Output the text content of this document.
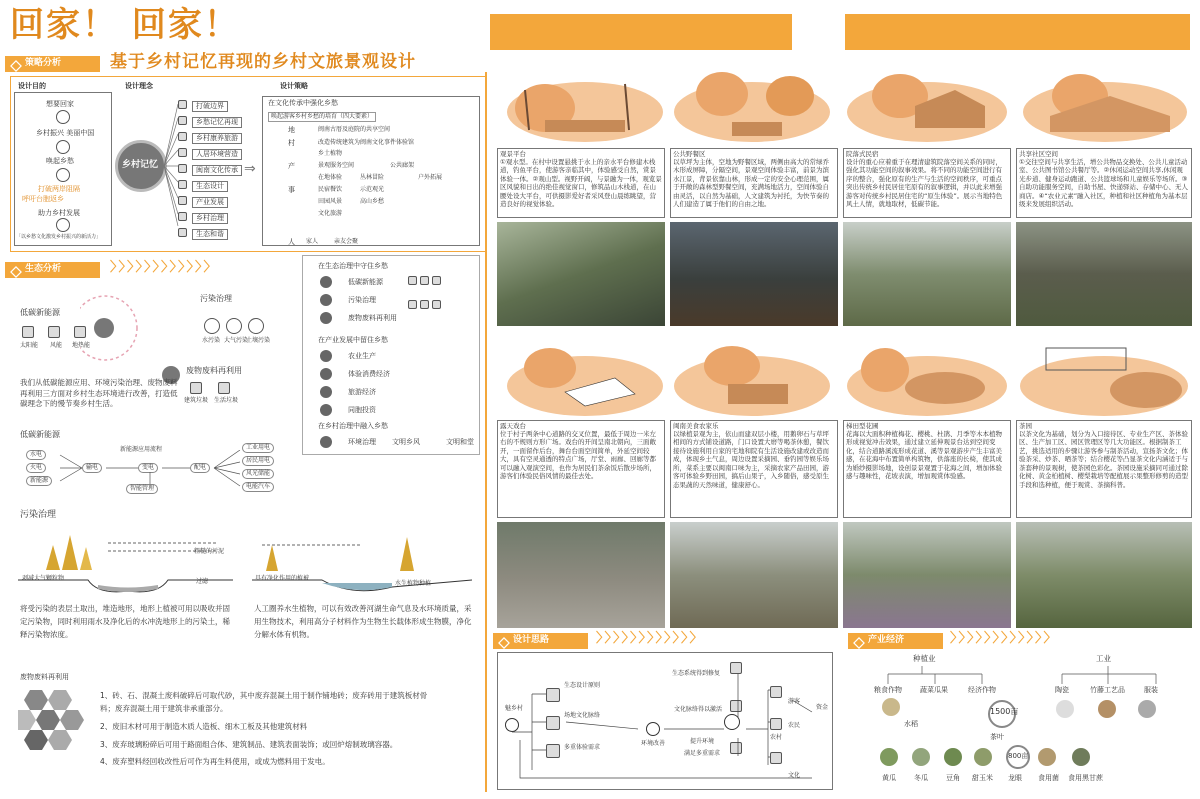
回家！ 回家！
基于乡村记忆再现的乡村文旅景观设计
策略分析
设计目的	设计理念	设计策略
想要回家
乡村振兴 美丽中国
唤起乡愁
打破两岸阻隔
呼吁台胞返乡
助力乡村发展
「以乡愁文化激发乡村振兴的新活力」
乡村记忆
打破边界
乡愁记忆再现
乡村康养旅游
人居环境营造
闽南文化传承
生态设计
产业发展
乡村治理
生态和谐
⇒
在文化传承中强化乡愁
唤起游客乡村乡愁的培育（四大要素）
地
村
产
事
人
闽南古厝及庭院的共享空间
改造传统建筑为闽南文化事件体验馆
乡土植物
景观服务空间	公共廊架
在地体验	丛林冒险	户外拓展
民宿餐饮	示范观光
田园风景	高山乡愁
文化旅游
家人	亲友会聚
生态分析	〉〉〉〉〉〉〉〉〉〉〉〉
低碳新能源
太阳能 风能 地热能
污染治理
水污染 大气污染
土壤污染
废物废料再利用
建筑垃圾 生活垃圾
我们从低碳能源应用、环境污染治理、废物废料再利用三方面对乡村生态环境进行改善，打造低碳理念下的慢节奏乡村生活。
低碳新能源
新能源应用流程
水电
火电
新能源
输电	变电	配电
智能管理
工业用电
居民用电
风光储能
电能汽车
污染治理
粗糙的污泥
过滤
剥减大气颗粒物	具有净化作用的植被
水生植物种植
将受污染的表层土取出，堆造地形，地形上植被可用以吸收并固定污染物，同时利用雨水及净化后的水冲洗地形上的污染土，稀释污染物浓度。
人工圈养水生植物，可以有效改善河湖生命气息及水环境质量，采用生物技术，利用高分子材料作为生物生长载体形成生物膜，净化分解水体有机物。
废物废料再利用
1、砖、石、混凝土废料破碎后可取代砂，其中废弃混凝土用于制作铺地砖；废弃砖用于建筑板材骨料；废弃混凝土用于建筑非承重部分。
2、废旧木材可用于制造木质人造板、细木工板及其他建筑材料
3、废弃玻璃粉碎后可用于路面组合体、建筑制品、建筑表面装饰；或回炉熔制玻璃容器。
4、废弃塑料经回收改性后可作为再生料使用，或成为燃料用于发电。
在生态治理中守住乡愁
低碳新能源
污染治理
废物废料再利用
在产业发展中留住乡愁
农业生产
体验消费经济
旅游经济
同胞投资
在乡村治理中融入乡愁
环境治理 文明乡风	文明和堂
观景平台
①观水型。在村中设置悬挑于水上的亲水平台修建木栈道，钓鱼平台，使游客亲临其中，体验感受自然，赏景体验一体。②观山型。视野开阔，与景融为一体，观览景区风貌和日出的绝佳视觉窗口，修筑品山木栈道，在山腰处设大平台，可供摄影爱好者采风登山晨练眺望，营造良好的视觉体验。
公共野餐区
以草坪为主体，空地为野餐区域，两侧由高大的常绿乔木形成屏障，分隔空间，景观空间体验丰富，前景为滨水江景，背景依靠山林，形成一定的安全心理范围，属于开敞的森林型野餐空间，充满场地活力，空间体验自由灵活，以自然为基础，人文建筑为衬托，为快节奏的人们建造了属于他们的自由之地。
院落式民宿
设计的重心应着重于在理清建筑院落空间关系的同时，强化其功能空间的叙事效果。将不同的功能空间进行有序的整合，强化原有的生产与生活的空间秩序，可重点突出传统乡村民居住宅原有的叙事逻辑，并以此来增强游客对传统乡村民居住宅的“原生体验”。展示当地特色风土人情，就地取材，低碳节能。
共享社区空间
①交往空间与共享生活，增公共物品交换处、公共儿童活动室、公共图书馆公共餐厅等。②休闲运动空间共享,休闲观光步道、健身运动跑道、公共篮球场和儿童娱乐等场所。③自助功能服务空间，自助书屋、快递驿站、存储中心、无人商店。④“农业元素”融入社区，种植和社区种植角为基本层级来发展组织活动。
露天戏台
位于村子两条中心道路的交叉位置，最低于周边一米左右的不规则方形广场。戏台的开间呈南北朝向，三面敞开，一面留作后台，舞台台面空间简单，外延空间较大，具有空灵通透的特点广场，厅堂、雨廊、回廊等都可以融入观演空间，也作为居民们茶余饭后散步场所，游客们体验民俗风情的最佳去处。
闽南美食农家乐
以绿植景观为主，依山而建双层小楼，用鹅卵石与草坪相间的方式铺设道路，门口设置大磨等喝茶休憩，餐饮接待设施利用自家的宅地和院有生活设施改建或改造而成，体现乡土气息，周边设置采摘园、垂钓园等娱乐场所，菜系主要以闽南口味为主，采摘农家产品田园，游客可体验乡野田园，搞后山果子，入乡随俗，感受原生态果蔬的天然味道，健康舒心。
梯田型花圃
花海以大面积种植梅花、樱桃、杜鹃、月季等木本植物形成视觉冲击效果，通过建立延伸观景台达到空间变化，结合道路溪流形成花道、溪等景观游步产生丰富美感，在花海中布置简单构筑物，供落座的长椅，使其成为婚纱摄影场地，设创景景观置于花海之间，增加体验感与趣味性，花坡表演，增加观赏体验感。
茶园
以茶文化为基础，划分为入口接待区、专业生产区、茶体验区、生产加工区、园区管理区等几大功能区。根据制茶工艺，挑选适用的步骤让游客参与制茶活动，宣扬茶文化；体验茶采、炒茶、晒茶等；结合樱花等凸显茶文化内涵适于与茶套种的景观树，使茶园色彩化。茶园设施采摘同可通过除化树、黄金柏植树、樱梨栽培等配植展示果整形修剪的造型手段和选种植，便于观赏、茶摘科普。
设计思路	〉〉〉〉〉〉〉〉〉〉〉〉
魅乡村
生态设计原则
场地文化脉络
多重体验需求
环境改善
生态系统得到修复
文化脉络得以激活
提升环境
满足多重需求
游客
农民
农村
文化
资金
产业经济	〉〉〉〉〉〉〉〉〉〉〉〉
种植业	工业
粮食作物	蔬菜瓜果	经济作物	陶瓷	竹藤工艺品	服装
水稻
1500亩
茶叶
800亩
黄瓜	冬瓜	豆角 甜玉米 龙眼 食用菌 食用黑甘蔗
